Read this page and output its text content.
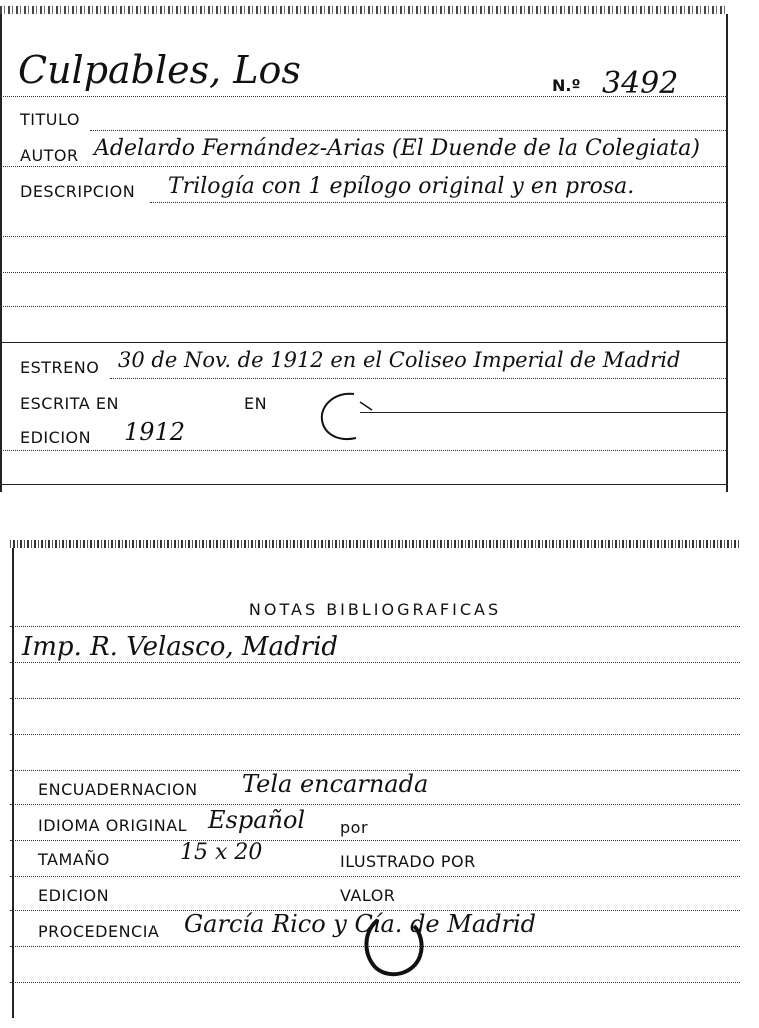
Culpables, Los	N.º 3492
TITULO
AUTOR Adelardo Fernández-Arias (El Duende de la Colegiata)
DESCRIPCION Trilogía con 1 epílogo original y en prosa.
ESTRENO 30 de Nov. de 1912 en el Coliseo Imperial de Madrid
ESCRITA EN	EN
EDICION 1912
NOTAS BIBLIOGRAFICAS
Imp. R. Velasco, Madrid
ENCUADERNACION Tela encarnada
IDIOMA ORIGINAL Español por
TAMAÑO	15 x 20	ILUSTRADO POR
EDICION	VALOR
PROCEDENCIA García Rico y Cía. de Madrid
